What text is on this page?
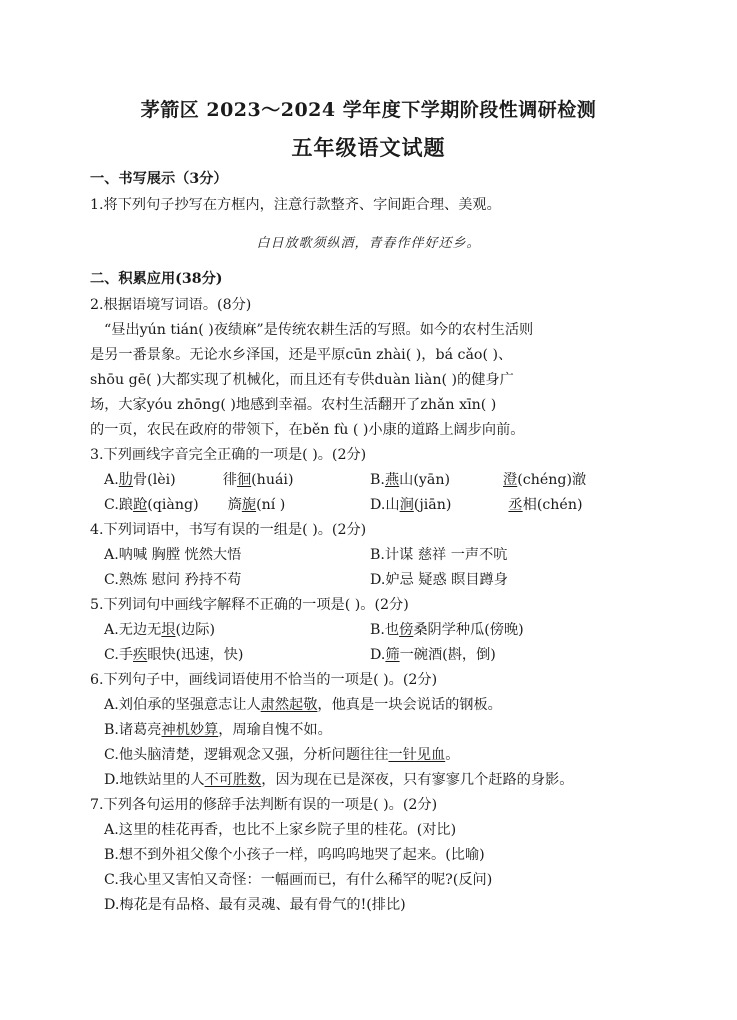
茅箭区 2023～2024 学年度下学期阶段性调研检测
五年级语文试题
一、书写展示（3分）
1.将下列句子抄写在方框内，注意行款整齐、字间距合理、美观。
白日放歌须纵酒，青春作伴好还乡。
二、积累应用(38分)
2.根据语境写词语。(8分)
“昼出yún tián( )夜绩麻”是传统农耕生活的写照。如今的农村生活则
是另一番景象。无论水乡泽国，还是平原cūn zhài( )，bá cǎo( )、
shōu gē( )大都实现了机械化，而且还有专供duàn liàn( )的健身广
场，大家yóu zhōng( )地感到幸福。农村生活翻开了zhǎn xīn( )
的一页，农民在政府的带领下，在běn fù ( )小康的道路上阔步向前。
3.下列画线字音完全正确的一项是( )。(2分)
A.肋骨(lèi)	徘徊(huái)	B.燕山(yān)	澄(chéng)澈
C.踉跄(qiàng) 旖旎(ní )	D.山涧(jiān)	丞相(chén)
4.下列词语中，书写有误的一组是( )。(2分)
A.呐喊 胸膛 恍然大悟	B.计谋 慈祥 一声不吭
C.熟炼 慰问 矜持不苟	D.妒忌 疑惑 瞑目蹲身
5.下列词句中画线字解释不正确的一项是( )。(2分)
A.无边无垠(边际)	B.也傍桑阴学种瓜(傍晚)
C.手疾眼快(迅速，快)	D.筛一碗酒(斟，倒)
6.下列句子中，画线词语使用不恰当的一项是( )。(2分)
A.刘伯承的坚强意志让人肃然起敬，他真是一块会说话的钢板。
B.诸葛亮神机妙算，周瑜自愧不如。
C.他头脑清楚，逻辑观念又强，分析问题往往一针见血。
D.地铁站里的人不可胜数，因为现在已是深夜，只有寥寥几个赶路的身影。
7.下列各句运用的修辞手法判断有误的一项是( )。(2分)
A.这里的桂花再香，也比不上家乡院子里的桂花。(对比)
B.想不到外祖父像个小孩子一样，呜呜呜地哭了起来。(比喻)
C.我心里又害怕又奇怪：一幅画而已，有什么稀罕的呢?(反问)
D.梅花是有品格、最有灵魂、最有骨气的!(排比)
